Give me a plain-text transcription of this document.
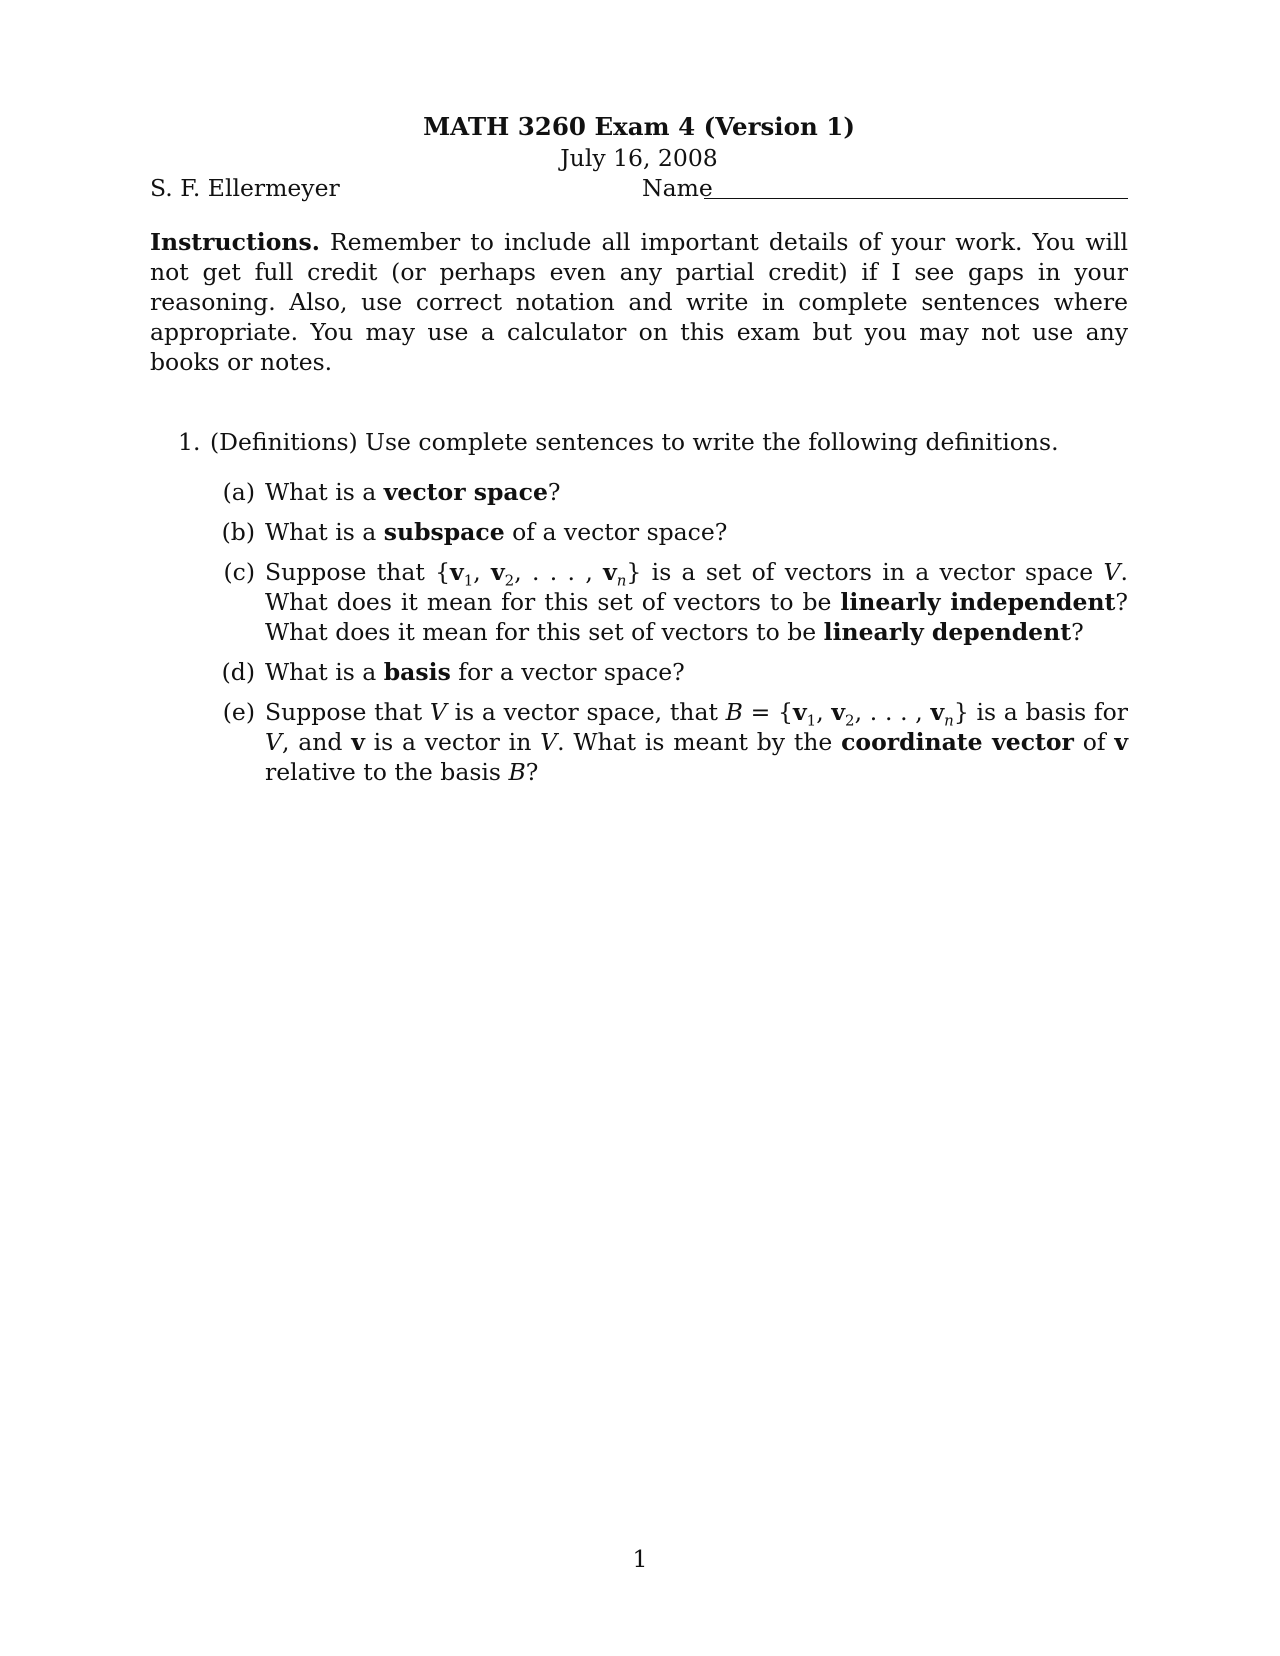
MATH 3260 Exam 4 (Version 1)
July 16, 2008
S. F. Ellermeyer	Name
Instructions. Remember to include all important details of your work. You will not get full credit (or perhaps even any partial credit) if I see gaps in your reasoning. Also, use correct notation and write in complete sentences where appropriate. You may use a calculator on this exam but you may not use any books or notes.
1. (Definitions) Use complete sentences to write the following definitions.
(a) What is a vector space?
(b) What is a subspace of a vector space?
(c) Suppose that {$v_1$, $v_2$, . . . , $v_n$} is a set of vectors in a vector space V. What does it mean for this set of vectors to be linearly independent? What does it mean for this set of vectors to be linearly dependent?
(d) What is a basis for a vector space?
(e) Suppose that V is a vector space, that $B = \{v_1$, $v_2$, . . . , $v_n$} is a basis for V, and v is a vector in V. What is meant by the coordinate vector of v relative to the basis B?
1
